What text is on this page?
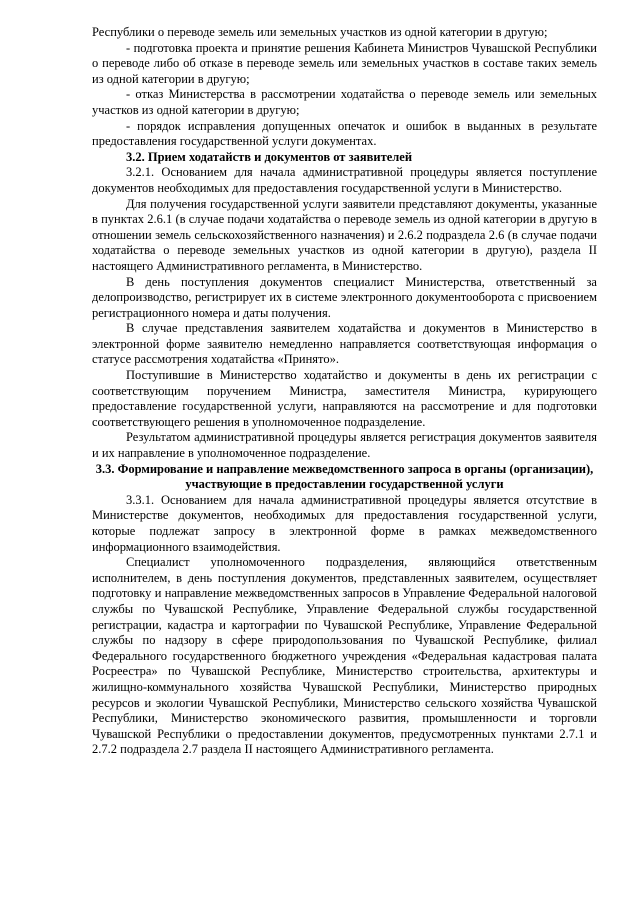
Республики о переводе земель или земельных участков из одной категории в другую;

- подготовка проекта и принятие решения Кабинета Министров Чувашской Республики о переводе либо об отказе в переводе земель или земельных участков в составе таких земель из одной категории в другую;

- отказ Министерства в рассмотрении ходатайства о переводе земель или земельных участков из одной категории в другую;

- порядок исправления допущенных опечаток и ошибок в выданных в результате предоставления государственной услуги документах.

3.2. Прием ходатайств и документов от заявителей

3.2.1. Основанием для начала административной процедуры является поступление документов необходимых для предоставления государственной услуги в Министерство.

Для получения государственной услуги заявители представляют документы, указанные в пунктах 2.6.1 (в случае подачи ходатайства о переводе земель из одной категории в другую в отношении земель сельскохозяйственного назначения) и 2.6.2 подраздела 2.6 (в случае подачи ходатайства о переводе земельных участков из одной категории в другую), раздела II настоящего Административного регламента, в Министерство.

В день поступления документов специалист Министерства, ответственный за делопроизводство, регистрирует их в системе электронного документооборота с присвоением регистрационного номера и даты получения.

В случае представления заявителем ходатайства и документов в Министерство в электронной форме заявителю немедленно направляется соответствующая информация о статусе рассмотрения ходатайства «Принято».

Поступившие в Министерство ходатайство и документы в день их регистрации с соответствующим поручением Министра, заместителя Министра, курирующего предоставление государственной услуги, направляются на рассмотрение и для подготовки соответствующего решения в уполномоченное подразделение.

Результатом административной процедуры является регистрация документов заявителя и их направление в уполномоченное подразделение.

3.3. Формирование и направление межведомственного запроса в органы (организации), участвующие в предоставлении государственной услуги

3.3.1. Основанием для начала административной процедуры является отсутствие в Министерстве документов, необходимых для предоставления государственной услуги, которые подлежат запросу в электронной форме в рамках межведомственного информационного взаимодействия.

Специалист уполномоченного подразделения, являющийся ответственным исполнителем, в день поступления документов, представленных заявителем, осуществляет подготовку и направление межведомственных запросов в Управление Федеральной налоговой службы по Чувашской Республике, Управление Федеральной службы государственной регистрации, кадастра и картографии по Чувашской Республике, Управление Федеральной службы по надзору в сфере природопользования по Чувашской Республике, филиал Федерального государственного бюджетного учреждения «Федеральная кадастровая палата Росреестра» по Чувашской Республике, Министерство строительства, архитектуры и жилищно-коммунального хозяйства Чувашской Республики, Министерство природных ресурсов и экологии Чувашской Республики, Министерство сельского хозяйства Чувашской Республики, Министерство экономического развития, промышленности и торговли Чувашской Республики о предоставлении документов, предусмотренных пунктами 2.7.1 и 2.7.2 подраздела 2.7 раздела II настоящего Административного регламента.
